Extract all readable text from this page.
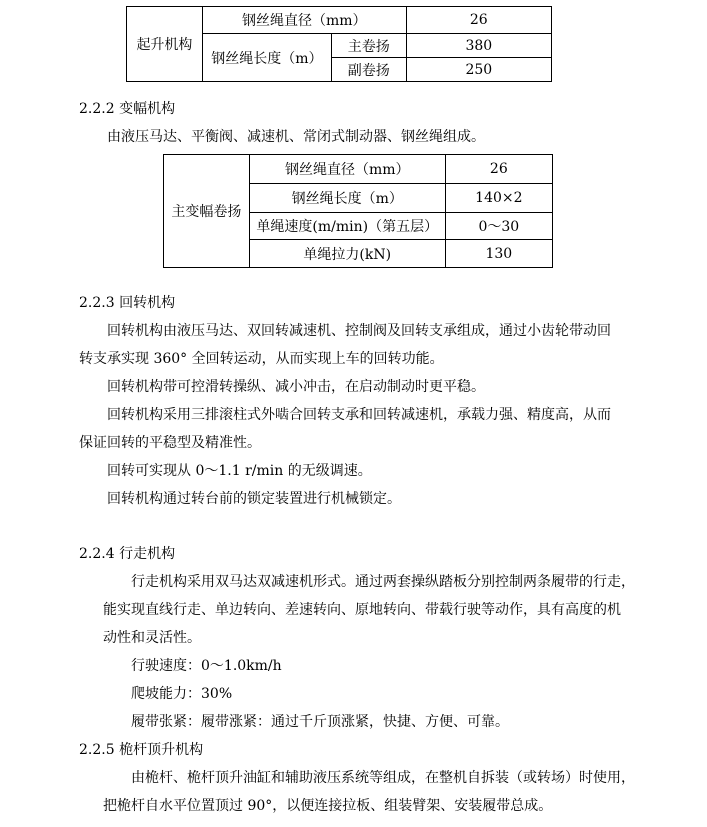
起升机构	钢丝绳直径（mm）		26
	钢丝绳长度（m）	主卷扬	380
		副卷扬	250
2.2.2 变幅机构
由液压马达、平衡阀、减速机、常闭式制动器、钢丝绳组成。
主变幅卷扬	钢丝绳直径（mm）	26
	钢丝绳长度（m）	140×2
	单绳速度(m/min)（第五层）	0～30
	单绳拉力(kN)	130
2.2.3 回转机构
回转机构由液压马达、双回转减速机、控制阀及回转支承组成，通过小齿轮带动回
转支承实现 360° 全回转运动，从而实现上车的回转功能。
回转机构带可控滑转操纵、减小冲击，在启动制动时更平稳。
回转机构采用三排滚柱式外啮合回转支承和回转减速机，承载力强、精度高，从而
保证回转的平稳型及精准性。
回转可实现从 0～1.1 r/min 的无级调速。
回转机构通过转台前的锁定装置进行机械锁定。
2.2.4 行走机构
行走机构采用双马达双减速机形式。通过两套操纵踏板分别控制两条履带的行走，
能实现直线行走、单边转向、差速转向、原地转向、带载行驶等动作，具有高度的机
动性和灵活性。
行驶速度：0～1.0km/h
爬坡能力：30%
履带张紧：履带涨紧：通过千斤顶涨紧，快捷、方便、可靠。
2.2.5 桅杆顶升机构
由桅杆、桅杆顶升油缸和辅助液压系统等组成，在整机自拆装（或转场）时使用，
把桅杆自水平位置顶过 90°，以便连接拉板、组装臂架、安装履带总成。
